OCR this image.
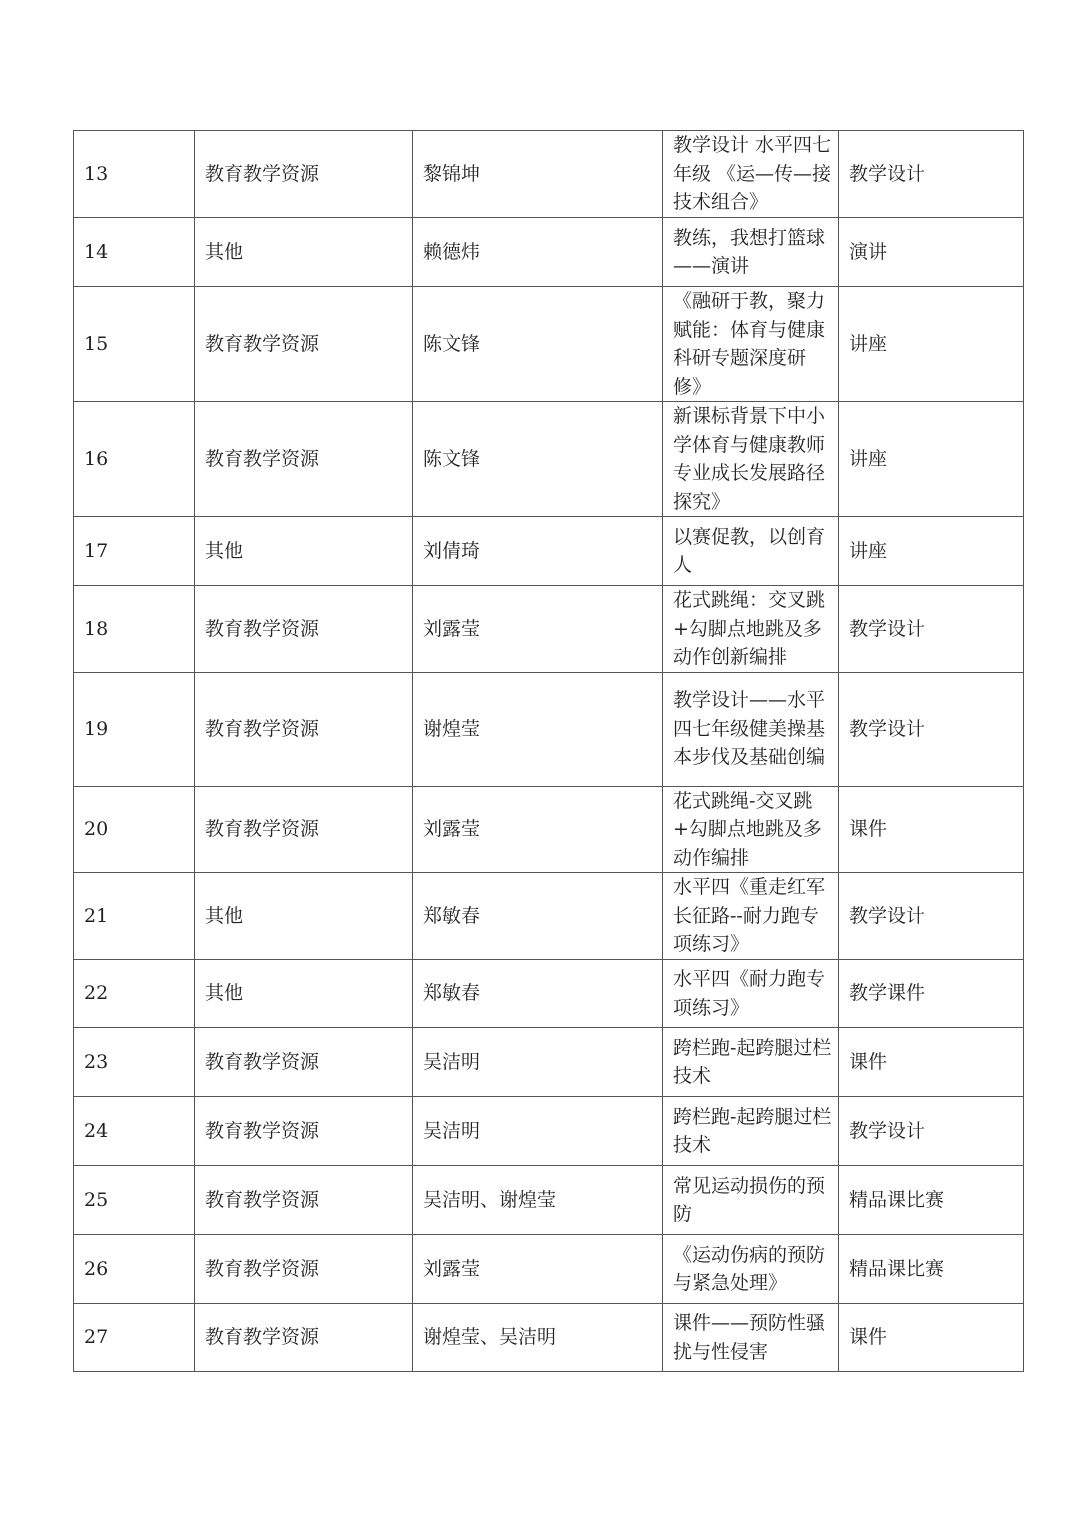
13	教育教学资源	黎锦坤	教学设计 水平四七年级 《运—传—接技术组合》	教学设计
14	其他	赖德炜	教练，我想打篮球——演讲	演讲
15	教育教学资源	陈文锋	《融研于教，聚力赋能：体育与健康科研专题深度研修》	讲座
16	教育教学资源	陈文锋	新课标背景下中小学体育与健康教师专业成长发展路径探究》	讲座
17	其他	刘倩琦	以赛促教，以创育人	讲座
18	教育教学资源	刘露莹	花式跳绳：交叉跳+勾脚点地跳及多动作创新编排	教学设计
19	教育教学资源	谢煌莹	教学设计——水平四七年级健美操基本步伐及基础创编	教学设计
20	教育教学资源	刘露莹	花式跳绳-交叉跳+勾脚点地跳及多动作编排	课件
21	其他	郑敏春	水平四《重走红军长征路--耐力跑专项练习》	教学设计
22	其他	郑敏春	水平四《耐力跑专项练习》	教学课件
23	教育教学资源	吴洁明	跨栏跑-起跨腿过栏技术	课件
24	教育教学资源	吴洁明	跨栏跑-起跨腿过栏技术	教学设计
25	教育教学资源	吴洁明、谢煌莹	常见运动损伤的预防	精品课比赛
26	教育教学资源	刘露莹	《运动伤病的预防与紧急处理》	精品课比赛
27	教育教学资源	谢煌莹、吴洁明	课件——预防性骚扰与性侵害	课件
